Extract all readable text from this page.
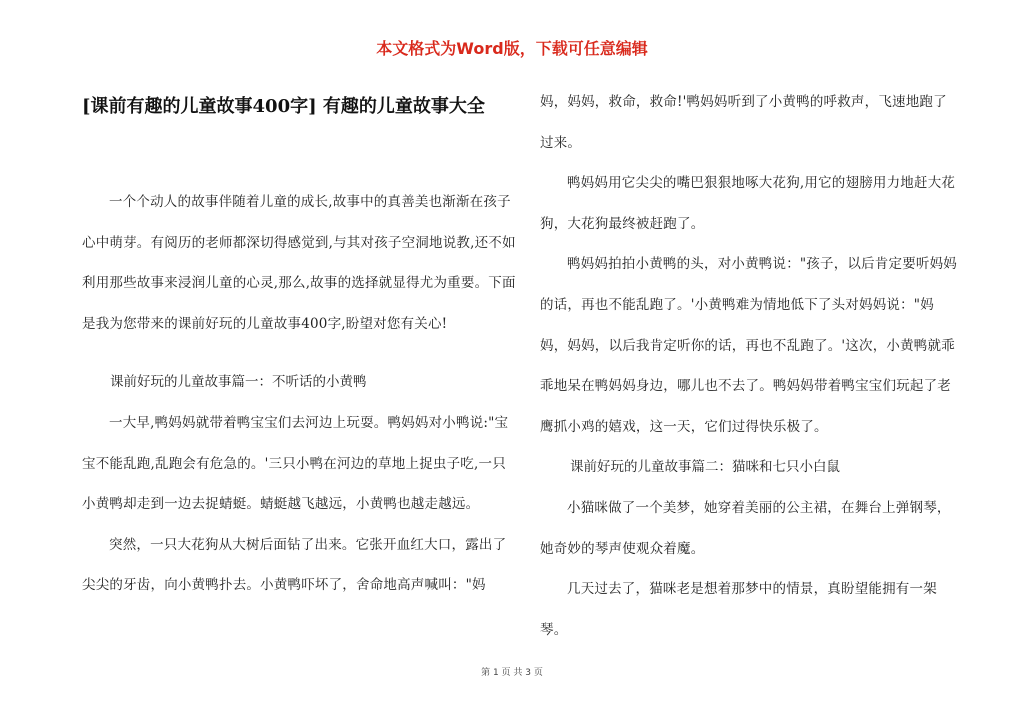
本文格式为Word版，下载可任意编辑
[课前有趣的儿童故事400字] 有趣的儿童故事大全

一个个动人的故事伴随着儿童的成长,故事中的真善美也渐渐在孩子心中萌芽。有阅历的老师都深切得感觉到,与其对孩子空洞地说教,还不如利用那些故事来浸润儿童的心灵,那么,故事的选择就显得尤为重要。下面是我为您带来的课前好玩的儿童故事400字,盼望对您有关心!

课前好玩的儿童故事篇一：不听话的小黄鸭

一大早,鸭妈妈就带着鸭宝宝们去河边上玩耍。鸭妈妈对小鸭说:"宝宝不能乱跑,乱跑会有危急的。'三只小鸭在河边的草地上捉虫子吃,一只小黄鸭却走到一边去捉蜻蜓。蜻蜓越飞越远，小黄鸭也越走越远。

突然，一只大花狗从大树后面钻了出来。它张开血红大口，露出了尖尖的牙齿，向小黄鸭扑去。小黄鸭吓坏了，舍命地高声喊叫："妈

妈，妈妈，救命，救命!'鸭妈妈听到了小黄鸭的呼救声，飞速地跑了过来。

鸭妈妈用它尖尖的嘴巴狠狠地啄大花狗,用它的翅膀用力地赶大花狗，大花狗最终被赶跑了。

鸭妈妈拍拍小黄鸭的头，对小黄鸭说："孩子，以后肯定要听妈妈的话，再也不能乱跑了。'小黄鸭难为情地低下了头对妈妈说："妈妈，妈妈，以后我肯定听你的话，再也不乱跑了。'这次，小黄鸭就乖乖地呆在鸭妈妈身边，哪儿也不去了。鸭妈妈带着鸭宝宝们玩起了老鹰抓小鸡的嬉戏，这一天，它们过得快乐极了。

课前好玩的儿童故事篇二：猫咪和七只小白鼠

小猫咪做了一个美梦，她穿着美丽的公主裙，在舞台上弹钢琴，她奇妙的琴声使观众着魔。

几天过去了，猫咪老是想着那梦中的情景，真盼望能拥有一架琴。

第 1 页 共 3 页
